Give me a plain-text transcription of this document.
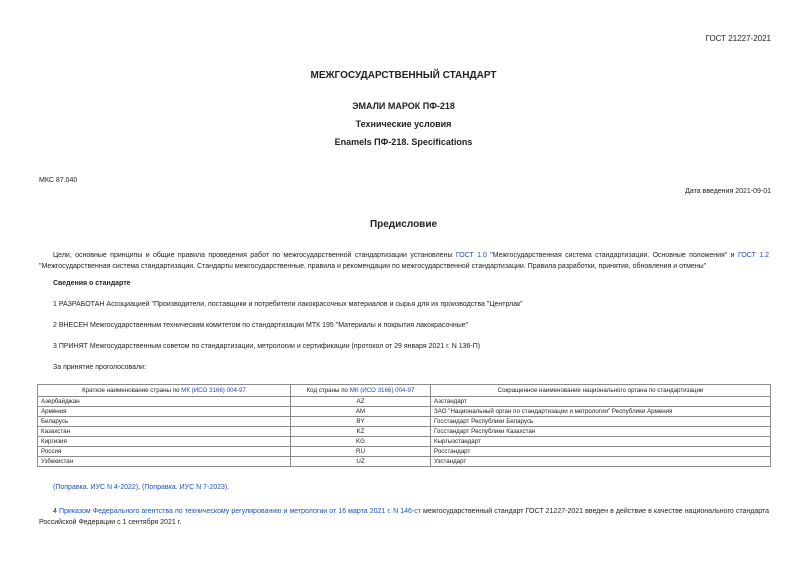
ГОСТ 21227-2021
МЕЖГОСУДАРСТВЕННЫЙ СТАНДАРТ
ЭМАЛИ МАРОК ПФ-218
Технические условия
Enamels ПФ-218. Specifications
МКС 87.040
Дата введения 2021-09-01
Предисловие
Цели, основные принципы и общие правила проведения работ по межгосударственной стандартизации установлены ГОСТ 1.0 "Межгосударственная система стандартизации. Основные положения" и ГОСТ 1.2 "Межгосударственная система стандартизации. Стандарты межгосударственные, правила и рекомендации по межгосударственной стандартизации. Правила разработки, принятия, обновления и отмены"
Сведения о стандарте
1 РАЗРАБОТАН Ассоциацией "Производители, поставщики и потребители лакокрасочных материалов и сырья для их производства "Центрлак"
2 ВНЕСЕН Межгосударственным техническим комитетом по стандартизации МТК 195 "Материалы и покрытия лакокрасочные"
3 ПРИНЯТ Межгосударственным советом по стандартизации, метрологии и сертификации (протокол от 29 января 2021 г. N 136-П)
За принятие проголосовали:
Краткое наименование страны по МК (ИСО 3166) 004-97	Код страны по МК (ИСО 3166) 004-97	Сокращенное наименование национального органа по стандартизации
Азербайджан	AZ	Азстандарт
Армения	AM	ЗАО "Национальный орган по стандартизации и метрологии" Республики Армения
Беларусь	BY	Госстандарт Республики Беларусь
Казахстан	KZ	Госстандарт Республики Казахстан
Киргизия	KG	Кыргызстандарт
Россия	RU	Росстандарт
Узбекистан	UZ	Узстандарт
(Поправка. ИУС N 4-2022), (Поправка. ИУС N 7-2023).
4 Приказом Федерального агентства по техническому регулированию и метрологии от 16 марта 2021 г. N 146-ст межгосударственный стандарт ГОСТ 21227-2021 введен в действие в качестве национального стандарта Российской Федерации с 1 сентября 2021 г.
